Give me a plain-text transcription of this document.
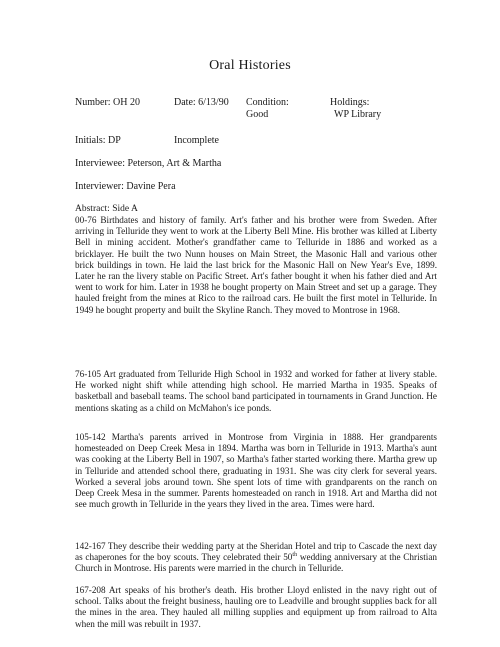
Oral Histories
Number: OH 20	Date: 6/13/90 Condition:
Good
Holdings:
WP Library
Initials: DP	Incomplete
Interviewee: Peterson, Art & Martha
Interviewer: Davine Pera
Abstract: Side A
00-76 Birthdates and history of family. Art's father and his brother were from Sweden. After arriving in Telluride they went to work at the Liberty Bell Mine. His brother was killed at Liberty Bell in mining accident. Mother's grandfather came to Telluride in 1886 and worked as a bricklayer. He built the two Nunn houses on Main Street, the Masonic Hall and various other brick buildings in town. He laid the last brick for the Masonic Hall on New Year's Eve, 1899. Later he ran the livery stable on Pacific Street. Art's father bought it when his father died and Art went to work for him. Later in 1938 he bought property on Main Street and set up a garage. They hauled freight from the mines at Rico to the railroad cars. He built the first motel in Telluride. In 1949 he bought property and built the Skyline Ranch. They moved to Montrose in 1968.
76-105 Art graduated from Telluride High School in 1932 and worked for father at livery stable. He worked night shift while attending high school. He married Martha in 1935. Speaks of basketball and baseball teams. The school band participated in tournaments in Grand Junction. He mentions skating as a child on McMahon's ice ponds.
105-142 Martha's parents arrived in Montrose from Virginia in 1888. Her grandparents homesteaded on Deep Creek Mesa in 1894. Martha was born in Telluride in 1913. Martha's aunt was cooking at the Liberty Bell in 1907, so Martha's father started working there. Martha grew up in Telluride and attended school there, graduating in 1931. She was city clerk for several years. Worked a several jobs around town. She spent lots of time with grandparents on the ranch on Deep Creek Mesa in the summer. Parents homesteaded on ranch in 1918. Art and Martha did not see much growth in Telluride in the years they lived in the area. Times were hard.
142-167 They describe their wedding party at the Sheridan Hotel and trip to Cascade the next day as chaperones for the boy scouts. They celebrated their 50th wedding anniversary at the Christian Church in Montrose. His parents were married in the church in Telluride.
167-208 Art speaks of his brother's death. His brother Lloyd enlisted in the navy right out of school. Talks about the freight business, hauling ore to Leadville and brought supplies back for all the mines in the area. They hauled all milling supplies and equipment up from railroad to Alta when the mill was rebuilt in 1937.
